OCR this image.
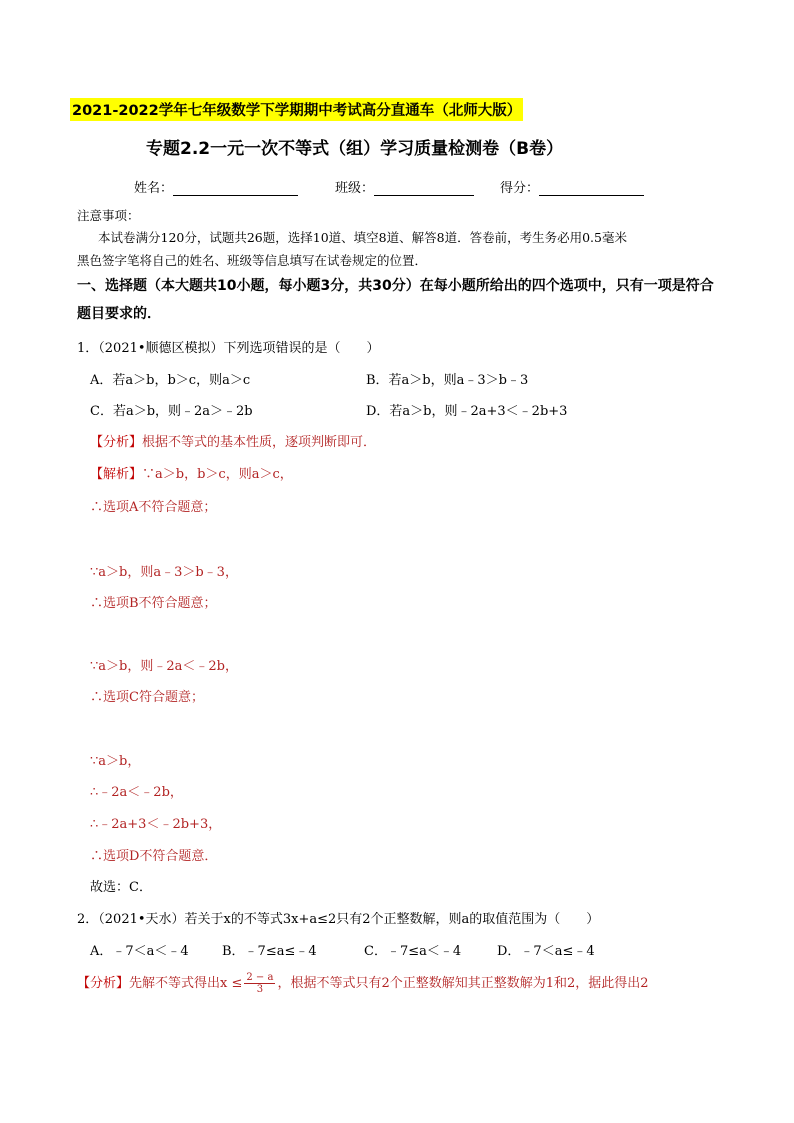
2021-2022学年七年级数学下学期期中考试高分直通车（北师大版）
专题2.2一元一次不等式（组）学习质量检测卷（B卷）
姓名：	班级：	得分：
注意事项：
本试卷满分120分，试题共26题，选择10道、填空8道、解答8道．答卷前，考生务必用0.5毫米
黑色签字笔将自己的姓名、班级等信息填写在试卷规定的位置．
一、选择题（本大题共10小题，每小题3分，共30分）在每小题所给出的四个选项中，只有一项是符合
题目要求的．
1．（2021•顺德区模拟）下列选项错误的是（　　）
A．若a＞b，b＞c，则a＞c	B．若a＞b，则a﹣3＞b﹣3
C．若a＞b，则﹣2a＞﹣2b	D．若a＞b，则﹣2a+3＜﹣2b+3
【分析】根据不等式的基本性质，逐项判断即可．
【解析】∵a＞b，b＞c，则a＞c，
∴选项A不符合题意；
∵a＞b，则a﹣3＞b﹣3，
∴选项B不符合题意；
∵a＞b，则﹣2a＜﹣2b，
∴选项C符合题意；
∵a＞b，
∴﹣2a＜﹣2b，
∴﹣2a+3＜﹣2b+3，
∴选项D不符合题意．
故选：C．
2．（2021•天水）若关于x的不等式3x+a≤2只有2个正整数解，则a的取值范围为（　　）
A．﹣7＜a＜﹣4	B．﹣7≤a≤﹣4	C．﹣7≤a＜﹣4	D．﹣7＜a≤﹣4
【分析】先解不等式得出$x \le \frac{2 - a}{3}$ ，根据不等式只有2个正整数解知其正整数解为1和2，据此得出2
